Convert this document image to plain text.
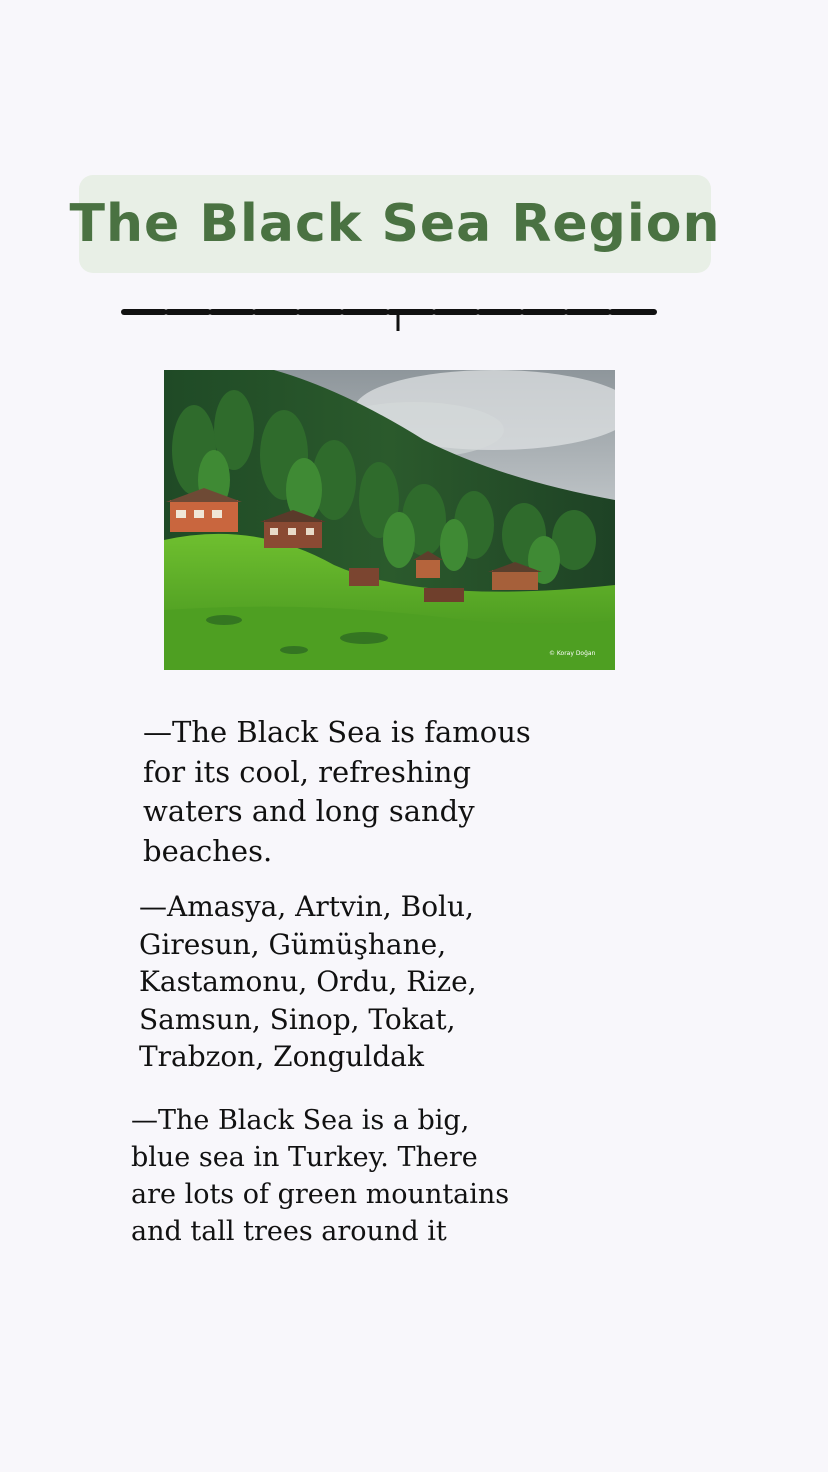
The Black Sea Region
© Koray Doğan
—The Black Sea is famous
for its cool, refreshing
waters and long sandy
beaches.
—Amasya, Artvin, Bolu,
Giresun, Gümüşhane,
Kastamonu, Ordu, Rize,
Samsun, Sinop, Tokat,
Trabzon, Zonguldak
—The Black Sea is a big,
blue sea in Turkey. There
are lots of green mountains
and tall trees around it
